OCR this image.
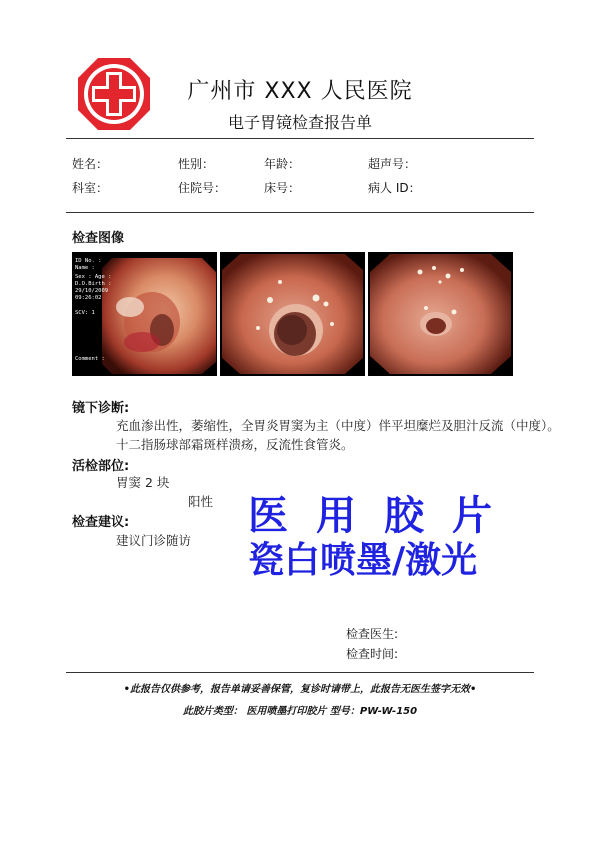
广州市 XXX 人民医院
电子胃镜检查报告单
姓名：	性别：	年龄：	超声号：
科室：	住院号：	床号：	病人 ID：
检查图像
ID No. :
Name :
Sex : Age :
D.O.Birth :
29/10/2009
09:26:02
SCV: 1
Comment :
镜下诊断:
充血渗出性，萎缩性，全胃炎胃窦为主（中度）伴平坦糜烂及胆汁反流（中度）。
十二指肠球部霜斑样溃疡，反流性食管炎。
活检部位:
胃窦 2 块
阳性
检查建议:
建议门诊随访
医用胶片
瓷白喷墨/激光
检查医生:
检查时间:
•此报告仅供参考，报告单请妥善保管，复诊时请带上，此报告无医生签字无效•
此胶片类型： 医用喷墨打印胶片 型号：PW-W-150
